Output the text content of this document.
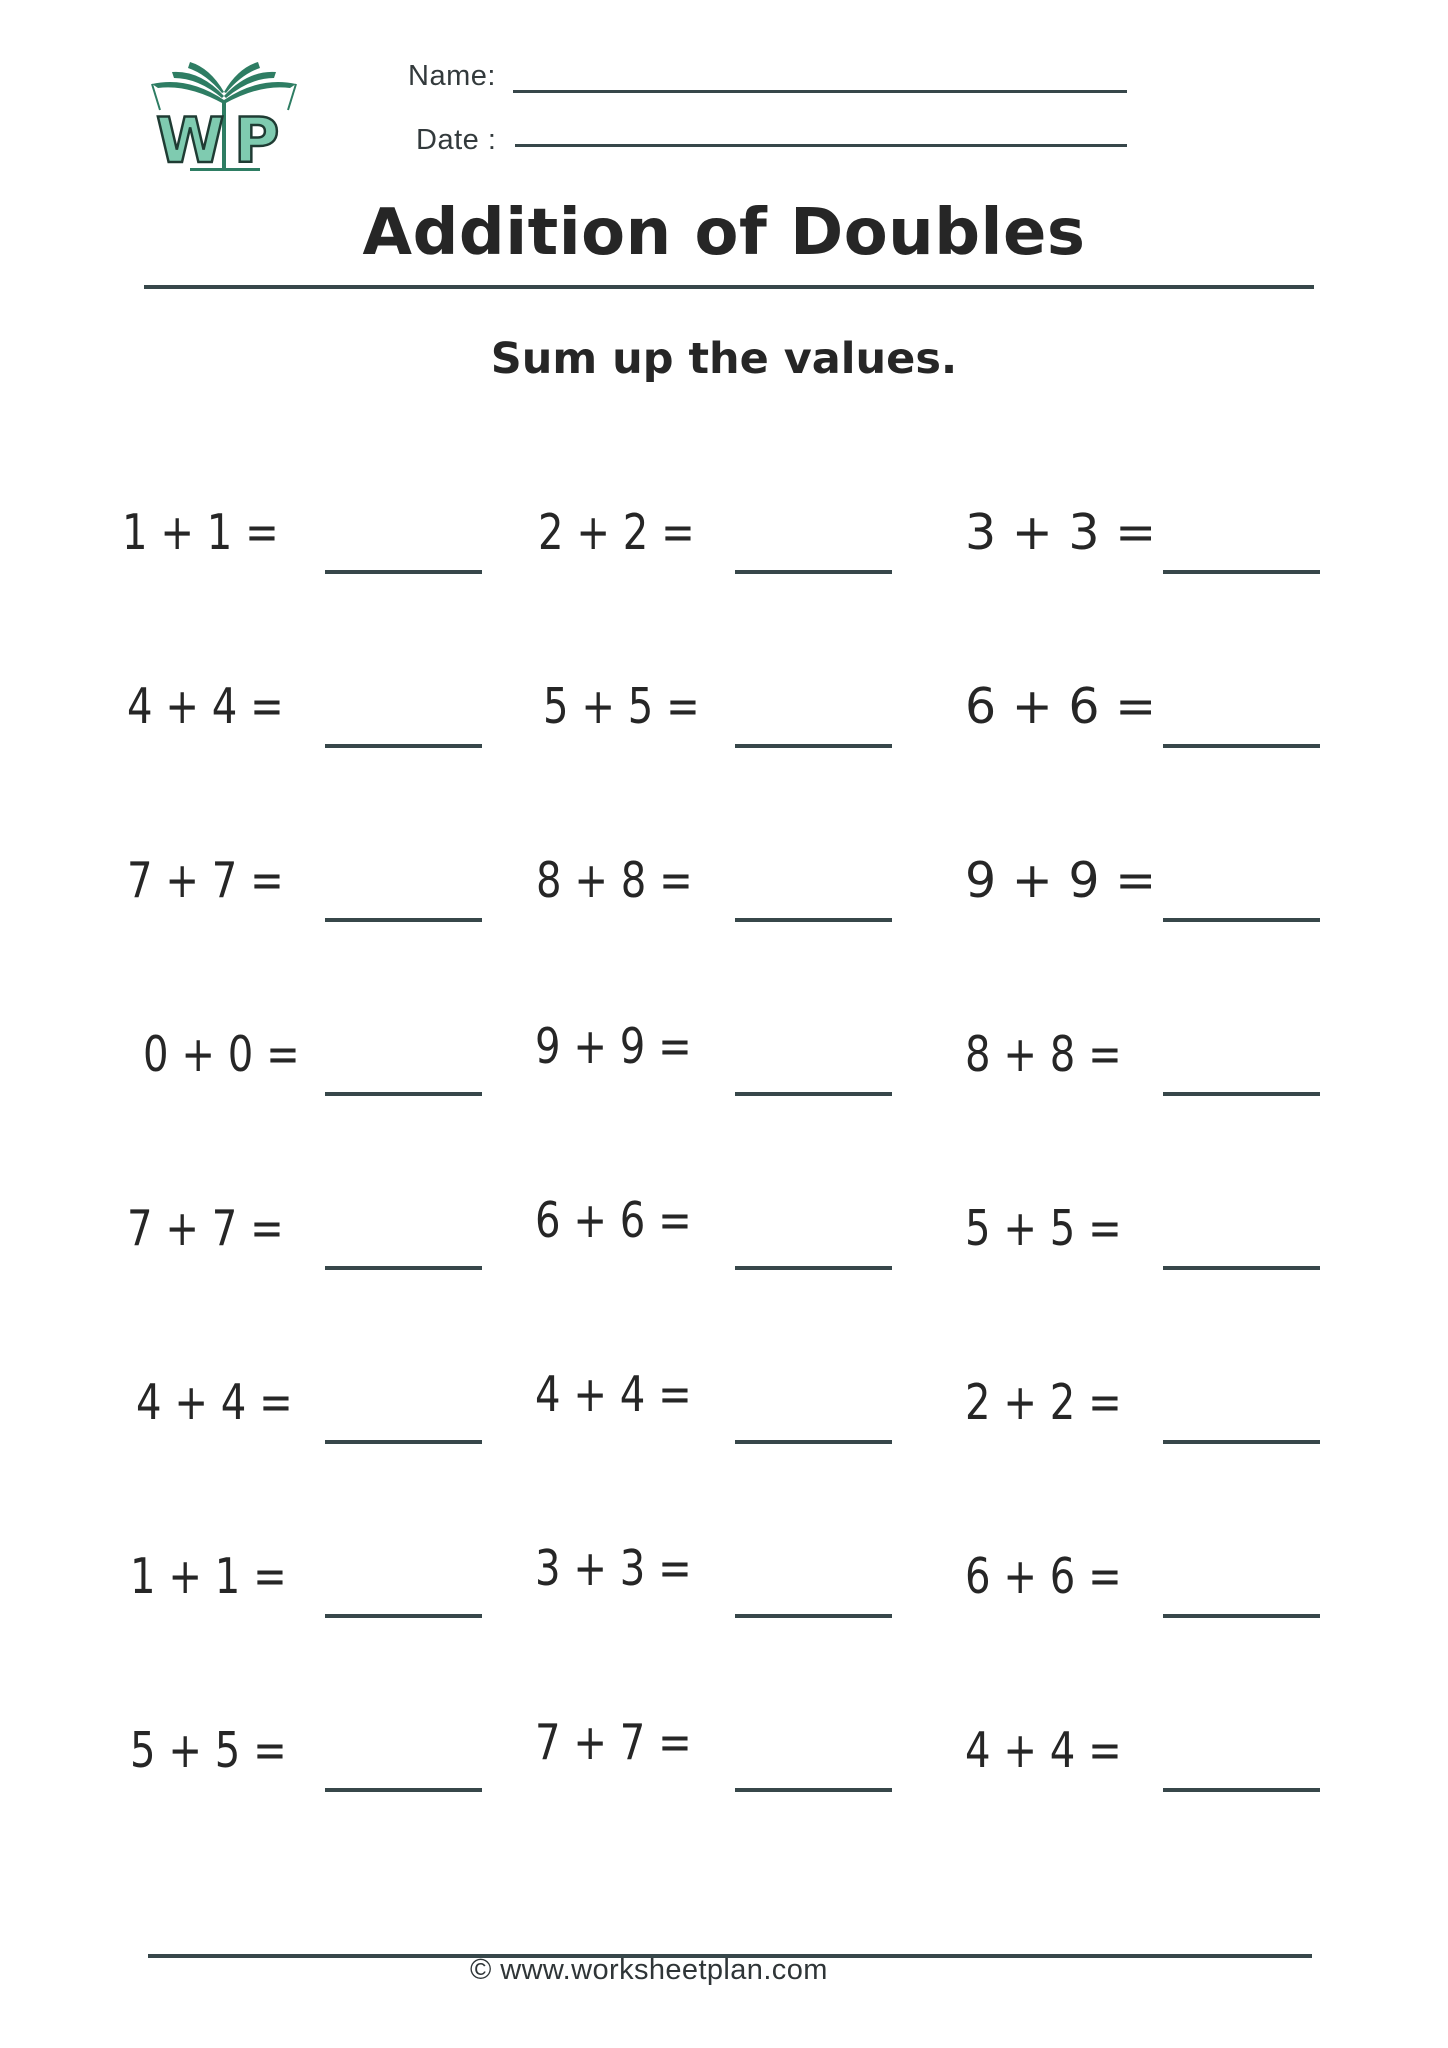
W P
Name:
Date :
Addition of Doubles
Sum up the values.
1 + 1 =	2 + 2 =	3 + 3 =
4 + 4 =	5 + 5 =	6 + 6 =
7 + 7 =	8 + 8 =	9 + 9 =
0 + 0 =	9 + 9 =	8 + 8 =
7 + 7 =	6 + 6 =	5 + 5 =
4 + 4 =	4 + 4 =	2 + 2 =
1 + 1 =	3 + 3 =	6 + 6 =
5 + 5 =	7 + 7 =	4 + 4 =
© www.worksheetplan.com
